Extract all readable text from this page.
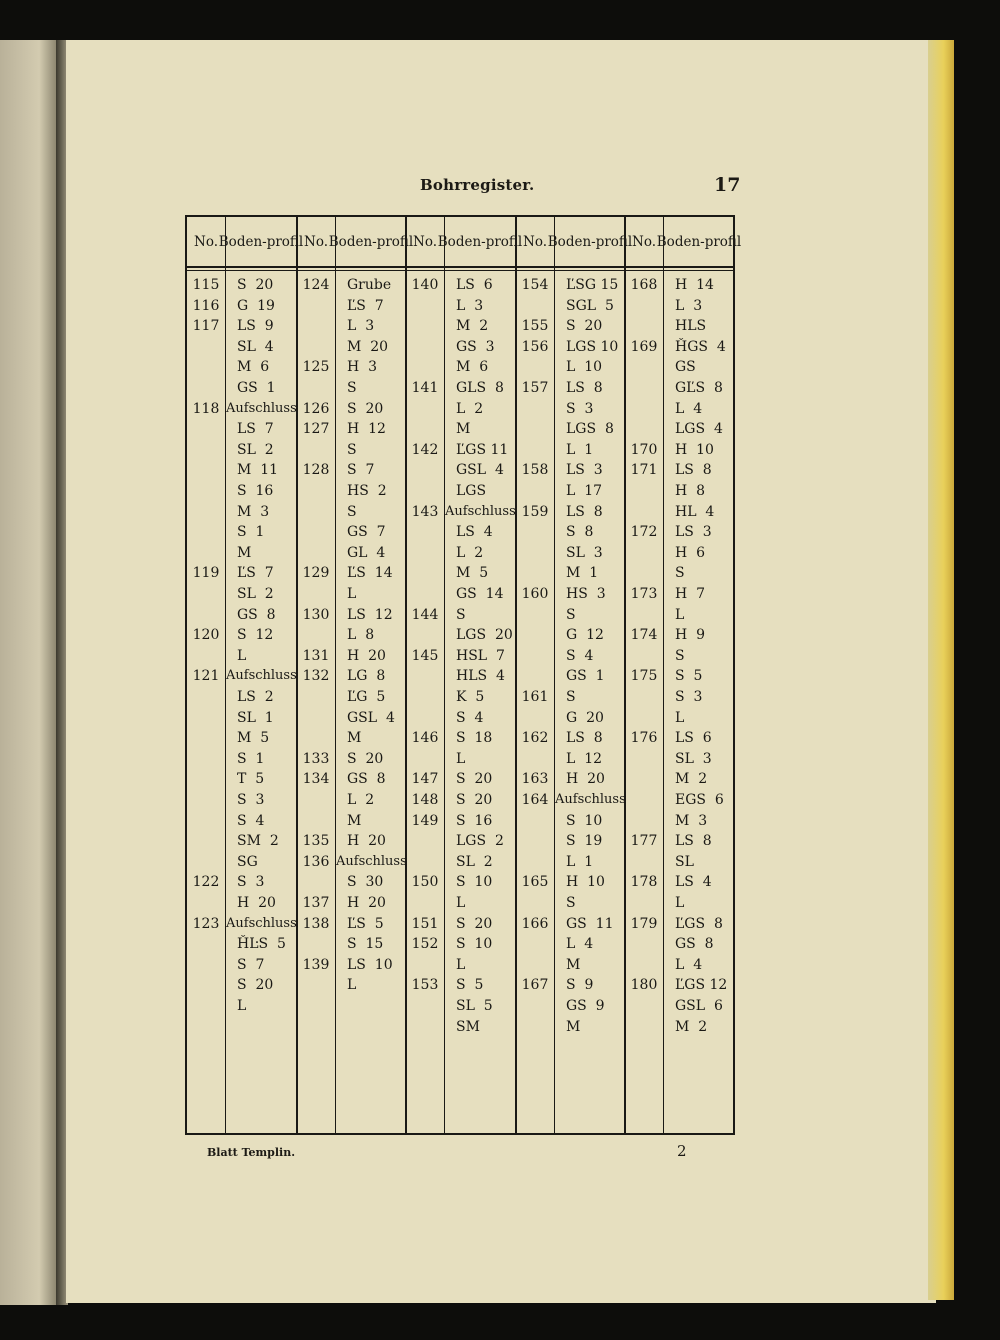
Bohrregister.	17
No. Boden- profil
115	S  20
116	G  19
117	LS  9
SL  4
M  6
GS  1
118 Aufschluss
LS  7
SL  2
M  11
S  16
M  3
S  1
M
119	ĽS  7
SL  2
GS  8
120	S  12
L
121 Aufschluss
LS  2
SL  1
M  5
S  1
T  5
S  3
S  4
SM  2
SG
122	S  3
H  20
123 Aufschluss
ȞĿS  5
S  7
S  20
L
No. Boden- profil
124	Grube
ĽS  7
L  3
M  20
125	H  3
S
126	S  20
127	H  12
S
128	S  7
HS  2
S
GS  7
GL  4
129	ĽS  14
L
130	LS  12
L  8
131	H  20
132	LG  8
ĽG  5
GSL  4
M
133	S  20
134	GS  8
L  2
M
135	H  20
136 Aufschluss
S  30
137	H  20
138	ĽS  5
S  15
139	LS  10
L
No. Boden- profil
140	LS  6
L  3
M  2
GS  3
M  6
141	GLS  8
L  2
M
142	ĽGS 11
GSL  4
LGS
143 Aufschluss
LS  4
L  2
M  5
GS  14
144	S
LGS  20
145	HSL  7
HLS  4
K  5
S  4
146	S  18
L
147	S  20
148	S  20
149	S  16
LGS  2
SL  2
150	S  10
L
151	S  20
152	S  10
L
153	S  5
SL  5
SM
No. Boden- profil
154	ĽSG 15
SGL  5
155	S  20
156	LGS 10
L  10
157	LS  8
S  3
LGS  8
L  1
158	LS  3
L  17
159	LS  8
S  8
SL  3
M  1
160	HS  3
S
G  12
S  4
GS  1
161	S
G  20
162	LS  8
L  12
163	H  20
164 Aufschluss
S  10
S  19
L  1
165	H  10
S
166	GS  11
L  4
M
167	S  9
GS  9
M
No. Boden- profil
168	H  14
L  3
HLS
169	ȞGS  4
GS
GĽS  8
L  4
LGS  4
170	H  10
171	LS  8
H  8
HL  4
172	LS  3
H  6
S
173	H  7
L
174	H  9
S
175	S  5
S  3
L
176	LS  6
SL  3
M  2
EGS  6
M  3
177	LS  8
SL
178	LS  4
L
179	ĽGS  8
GS  8
L  4
180	ĽGS 12
GSL  6
M  2
Blatt Templin.	2
